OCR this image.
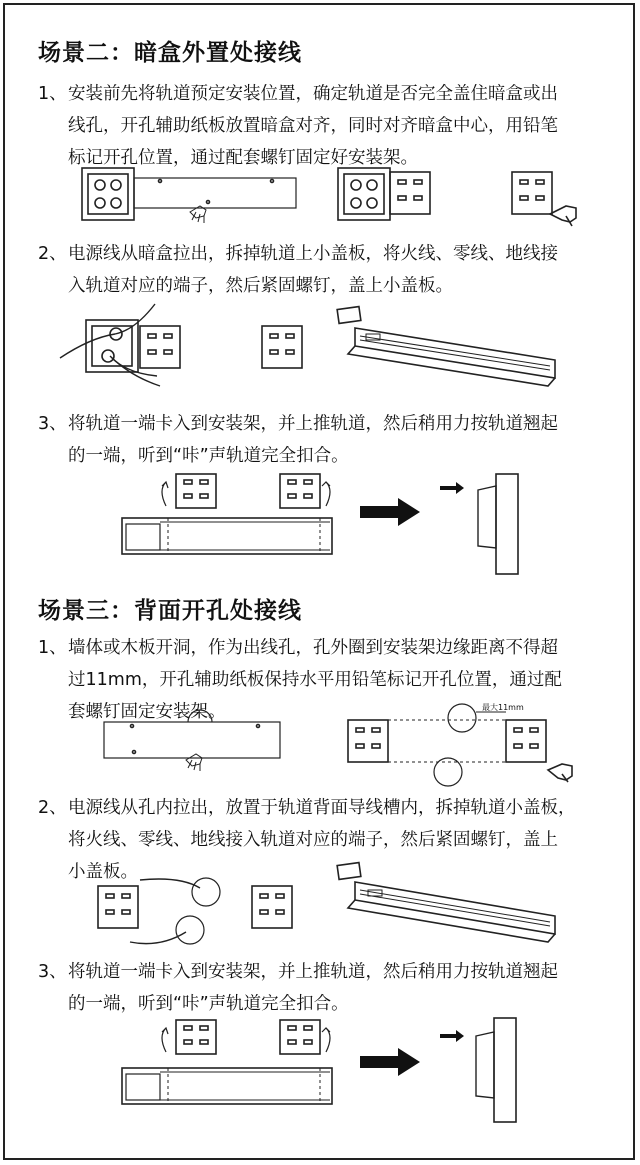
场景二：暗盒外置处接线
1、安装前先将轨道预定安装位置，确定轨道是否完全盖住暗盒或出
线孔，开孔辅助纸板放置暗盒对齐，同时对齐暗盒中心，用铅笔
标记开孔位置，通过配套螺钉固定好安装架。
2、电源线从暗盒拉出，拆掉轨道上小盖板，将火线、零线、地线接
入轨道对应的端子，然后紧固螺钉，盖上小盖板。
3、将轨道一端卡入到安装架，并上推轨道，然后稍用力按轨道翘起
的一端，听到“咔”声轨道完全扣合。
场景三：背面开孔处接线
1、墙体或木板开洞，作为出线孔，孔外圈到安装架边缘距离不得超
过11mm，开孔辅助纸板保持水平用铅笔标记开孔位置，通过配
套螺钉固定安装架。	最大11mm
2、电源线从孔内拉出，放置于轨道背面导线槽内，拆掉轨道小盖板，
将火线、零线、地线接入轨道对应的端子，然后紧固螺钉，盖上
小盖板。
3、将轨道一端卡入到安装架，并上推轨道，然后稍用力按轨道翘起
的一端，听到“咔”声轨道完全扣合。
